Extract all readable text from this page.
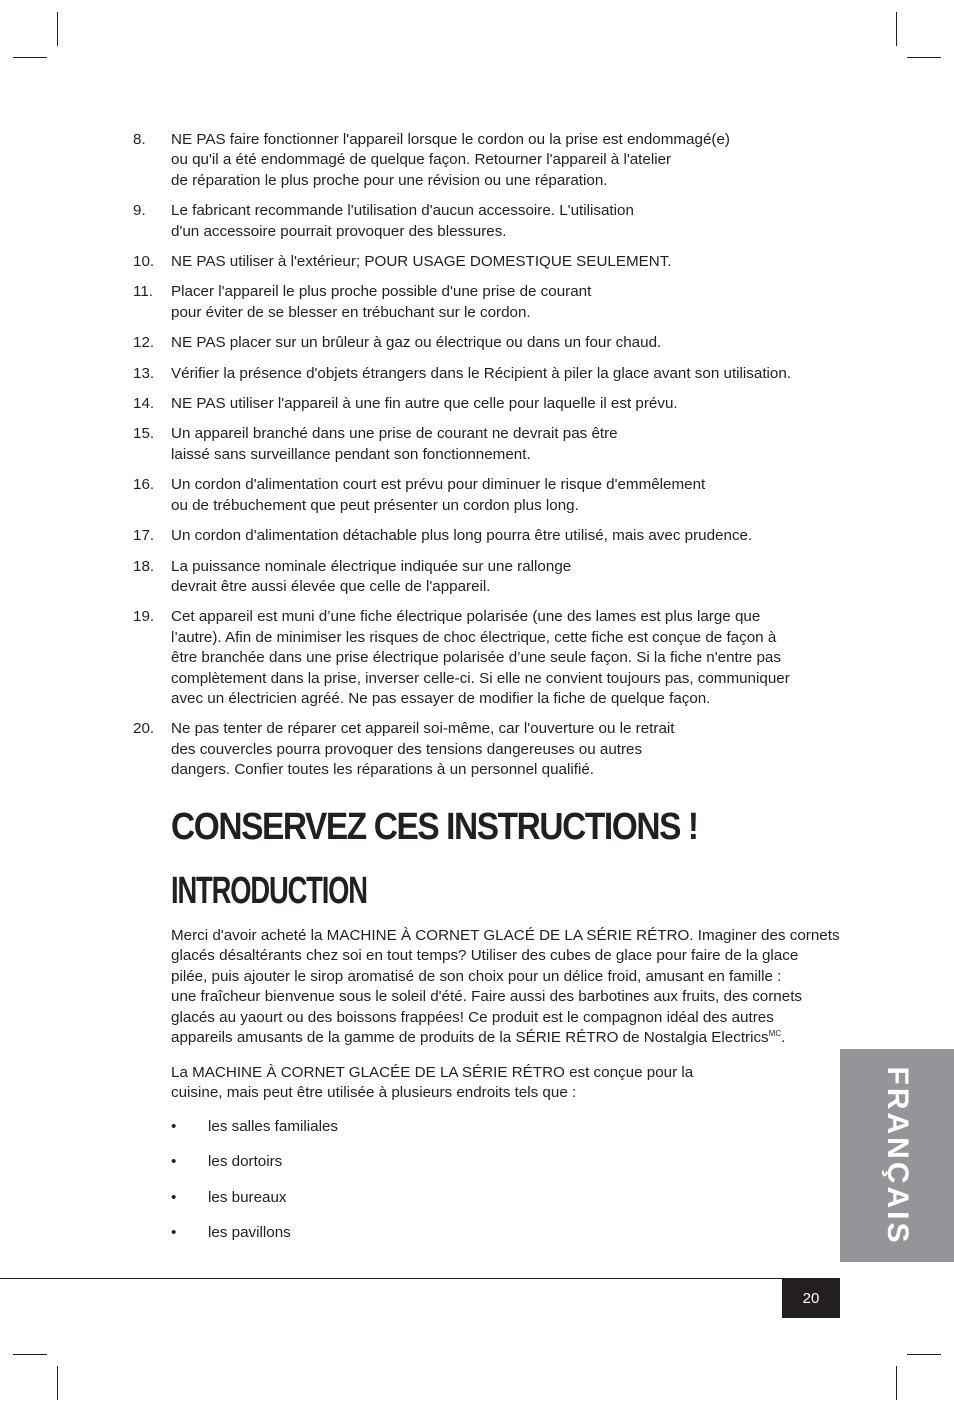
8. NE PAS faire fonctionner l'appareil lorsque le cordon ou la prise est endommagé(e)
ou qu'il a été endommagé de quelque façon. Retourner l'appareil à l'atelier
de réparation le plus proche pour une révision ou une réparation.
9. Le fabricant recommande l'utilisation d'aucun accessoire. L'utilisation
d'un accessoire pourrait provoquer des blessures.
10. NE PAS utiliser à l'extérieur; POUR USAGE DOMESTIQUE SEULEMENT.
11. Placer l'appareil le plus proche possible d'une prise de courant
pour éviter de se blesser en trébuchant sur le cordon.
12. NE PAS placer sur un brûleur à gaz ou électrique ou dans un four chaud.
13. Vérifier la présence d'objets étrangers dans le Récipient à piler la glace avant son utilisation.
14. NE PAS utiliser l'appareil à une fin autre que celle pour laquelle il est prévu.
15. Un appareil branché dans une prise de courant ne devrait pas être
laissé sans surveillance pendant son fonctionnement.
16. Un cordon d'alimentation court est prévu pour diminuer le risque d'emmêlement
ou de trébuchement que peut présenter un cordon plus long.
17. Un cordon d'alimentation détachable plus long pourra être utilisé, mais avec prudence.
18. La puissance nominale électrique indiquée sur une rallonge
devrait être aussi élevée que celle de l'appareil.
19. Cet appareil est muni d’une fiche électrique polarisée (une des lames est plus large que
l’autre). Afin de minimiser les risques de choc électrique, cette fiche est conçue de façon à
être branchée dans une prise électrique polarisée d’une seule façon. Si la fiche n'entre pas
complètement dans la prise, inverser celle-ci. Si elle ne convient toujours pas, communiquer
avec un électricien agréé. Ne pas essayer de modifier la fiche de quelque façon.
20. Ne pas tenter de réparer cet appareil soi-même, car l'ouverture ou le retrait
des couvercles pourra provoquer des tensions dangereuses ou autres
dangers. Confier toutes les réparations à un personnel qualifié.
CONSERVEZ CES INSTRUCTIONS !
INTRODUCTION

Merci d'avoir acheté la MACHINE À CORNET GLACÉ DE LA SÉRIE RÉTRO. Imaginer des cornets
glacés désaltérants chez soi en tout temps? Utiliser des cubes de glace pour faire de la glace
pilée, puis ajouter le sirop aromatisé de son choix pour un délice froid, amusant en famille :
une fraîcheur bienvenue sous le soleil d'été. Faire aussi des barbotines aux fruits, des cornets
glacés au yaourt ou des boissons frappées! Ce produit est le compagnon idéal des autres
appareils amusants de la gamme de produits de la SÉRIE RÉTRO de Nostalgia Electrics$^{MC}$.

La MACHINE À CORNET GLACÉE DE LA SÉRIE RÉTRO est conçue pour la
cuisine, mais peut être utilisée à plusieurs endroits tels que :

• les salles familiales
• les dortoirs
• les bureaux
• les pavillons	FRANÇAIS
20
